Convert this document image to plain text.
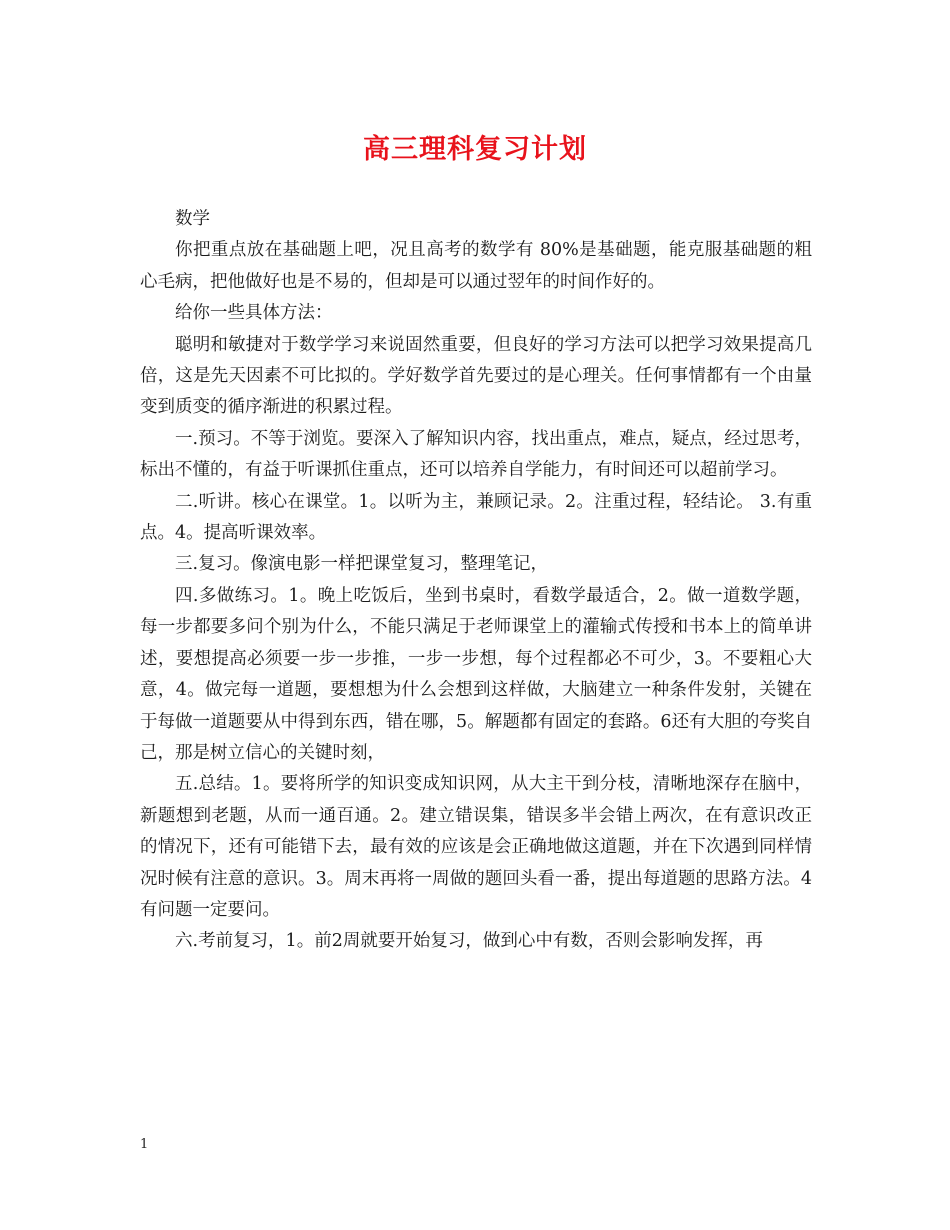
高三理科复习计划

数学

你把重点放在基础题上吧，况且高考的数学有 80%是基础题，能克服基础题的粗心毛病，把他做好也是不易的，但却是可以通过翌年的时间作好的。

给你一些具体方法：

聪明和敏捷对于数学学习来说固然重要，但良好的学习方法可以把学习效果提高几倍，这是先天因素不可比拟的。学好数学首先要过的是心理关。任何事情都有一个由量变到质变的循序渐进的积累过程。

一.预习。不等于浏览。要深入了解知识内容，找出重点，难点，疑点，经过思考，标出不懂的，有益于听课抓住重点，还可以培养自学能力，有时间还可以超前学习。

二.听讲。核心在课堂。1。以听为主，兼顾记录。2。注重过程，轻结论。 3.有重点。4。提高听课效率。

三.复习。像演电影一样把课堂复习，整理笔记，

四.多做练习。1。晚上吃饭后，坐到书桌时，看数学最适合，2。做一道数学题，每一步都要多问个别为什么，不能只满足于老师课堂上的灌输式传授和书本上的简单讲述，要想提高必须要一步一步推，一步一步想，每个过程都必不可少，3。不要粗心大意，4。做完每一道题，要想想为什么会想到这样做，大脑建立一种条件发射，关键在于每做一道题要从中得到东西，错在哪，5。解题都有固定的套路。6还有大胆的夸奖自己，那是树立信心的关键时刻，

五.总结。1。要将所学的知识变成知识网，从大主干到分枝，清晰地深存在脑中，新题想到老题，从而一通百通。2。建立错误集，错误多半会错上两次，在有意识改正的情况下，还有可能错下去，最有效的应该是会正确地做这道题，并在下次遇到同样情况时候有注意的意识。3。周末再将一周做的题回头看一番，提出每道题的思路方法。4有问题一定要问。

六.考前复习，1。前2周就要开始复习，做到心中有数，否则会影响发挥，再

1
